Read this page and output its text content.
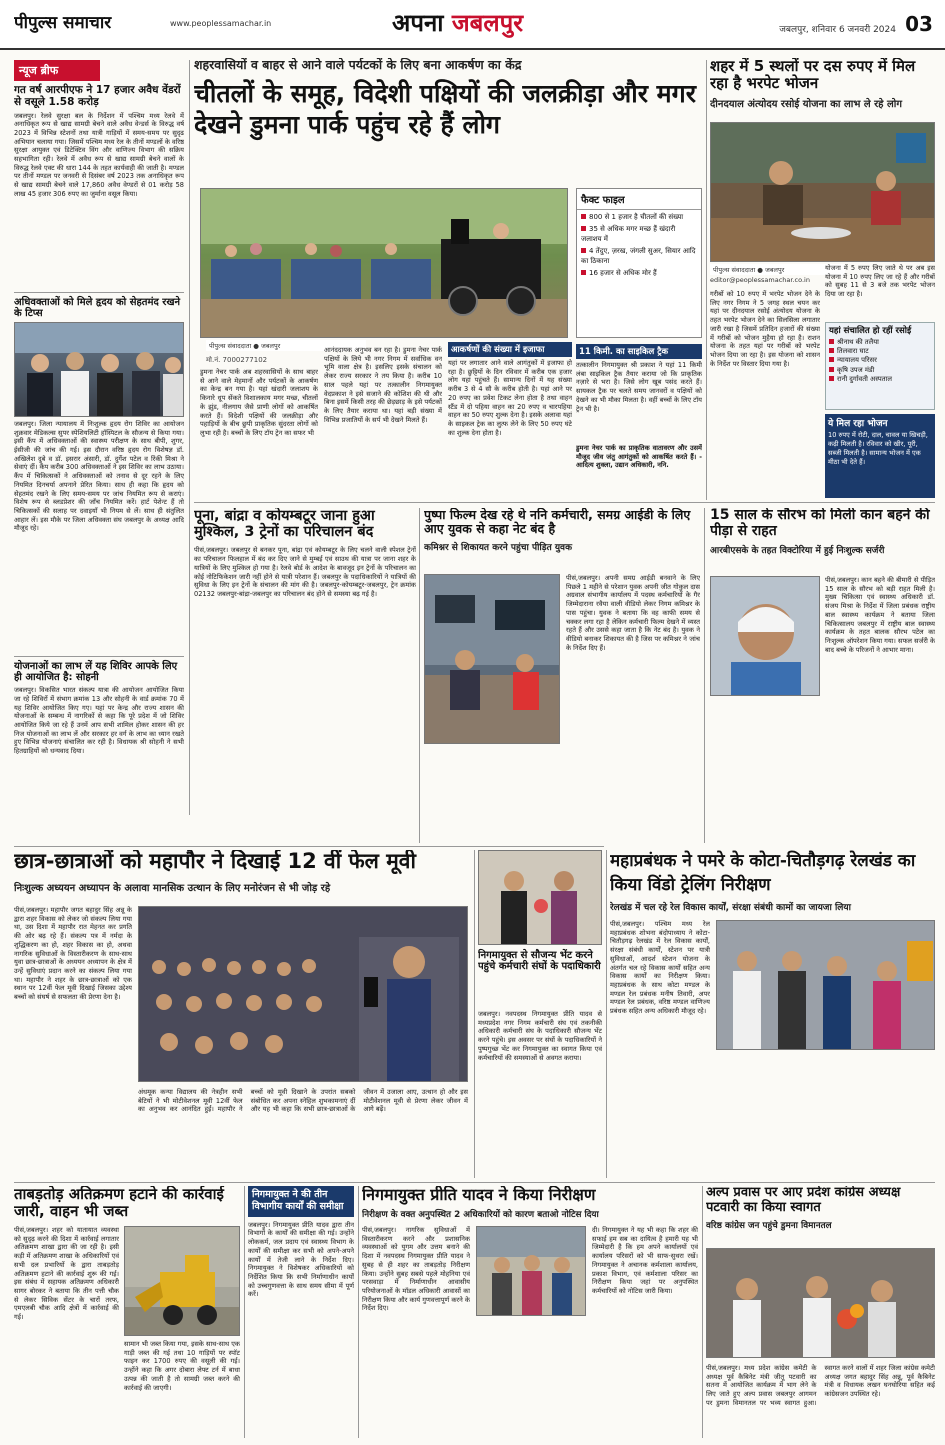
पीपुल्स समाचार	www.peoplessamachar.in	अपना जबलपुर	जबलपुर, शनिवार 6 जनवरी 2024 03
न्यूज ब्रीफ
गत वर्ष आरपीएफ ने 17 हजार अवैध वेंडरों से वसूले 1.58 करोड़
जबलपुर। रेलवे सुरक्षा बल के निर्देशन में पश्चिम मध्य रेलवे में अनाधिकृत रूप से खाद्य सामग्री बेचने वाले अवैध वेन्डर्स के विरुद्ध वर्ष 2023 में विभिन्न स्टेशनों तथा यात्री गाड़ियों में समय-समय पर सुदृढ अभियान चलाया गया। जिसमें पश्चिम मध्य रेल के तीनों मण्डलों के वरिष्ठ सुरक्षा आयुक्त एवं डिटेक्टिव विंग और वाणिज्य विभाग की सक्रिय सहभागिता रही। रेलवे में अवैध रूप से खाद्य सामग्री बेचने वालों के विरुद्ध रेलवे एक्ट की धारा 144 के तहत कार्यवाही की जाती है। मण्डल पर तीनों मण्डल पर जनवरी से दिसंबर वर्ष 2023 तक अनाधिकृत रूप से खाद्य सामग्री बेचने वाले 17,860 अवैध वेण्डरों से 01 करोड़ 58 लाख 45 हजार 306 रुपए का जुर्माना वसूल किया।
अधिवक्ताओं को मिले हृदय को सेहतमंद रखने के टिप्स
जबलपुर। जिला न्यायालय में निःशुल्क हृदय रोग शिविर का आयोजन शुक्रवार मेडिकल्स सुपर स्पेशियलिटी हॉस्पिटल के सौजन्य से किया गया। इसी कैंप में अधिवक्ताओं की स्वास्थ्य परीक्षण के साथ बीपी, शुगर, ईसीजी की जांच की गई। इस दौरान वरिष्ठ हृदय रोग विशेषज्ञ डॉ. अखिलेश दुबे व डॉ. इसरार अंसारी, डॉ. दुर्गेश पटेल व रिंकी मिश्रा ने सेवाएं दीं। कैंप करीब 300 अधिवक्ताओं ने इस शिविर का लाभ उठाया। कैंप में चिकित्सकों ने अधिवक्ताओं को तनाव से दूर रहने के लिए नियमित दिनचर्या अपनाने प्रेरित किया। साथ ही कहा कि हृदय को सेहतमंद रखने के लिए समय-समय पर जांच नियमित रूप से कराएं। विशेष रूप से ब्लडप्रेशर की जाँच नियमित करें। हार्ट पेशेन्ट हैं तो चिकित्सकों की सलाह पर दवाइयाँ भी नियम से लें। साथ ही संतुलित आहार लें। इस मौके पर जिला अधिवक्ता संघ जबलपुर के अध्यक्ष आदि मौजूद रहे।
योजनाओं का लाभ लें यह शिविर आपके लिए ही आयोजित है: सोहनी
जबलपुर। विकसित भारत संकल्प यात्रा की आयोजन आयोजित किया जा रहे शिविरों में संभाग क्रमांक 13 और सोहनी के वार्ड क्रमांक 70 में यह शिविर आयोजित किए गए। यहां पर केन्द्र और राज्य शासन की योजनाओं के सम्बन्ध में नागरिकों से कहा कि पूरे प्रदेश में जो शिविर आयोजित किये जा रहे हैं उनमें आप सभी शामिल होकर शासन की हर निज योजनाओं का लाभ लें और सरकार हर वर्ग के लाभ का ध्यान रखते हुए विभिन्न योजनाएं संचालित कर रही है। विधायक श्री सोहनी ने सभी हितग्राहियों को धन्यवाद दिया।
शहरवासियों व बाहर से आने वाले पर्यटकों के लिए बना आकर्षण का केंद्र
चीतलों के समूह, विदेशी पक्षियों की जलक्रीड़ा और मगर देखने डुमना पार्क पहुंच रहे हैं लोग
पीपुल्स संवाददाता ● जबलपुर
फैक्ट फाइल
800 से 1 हजार है चीतलों की संख्या
35 से अधिक मगर मच्छ हैं खंदारी जलाशय में
4 तेंदुए, ज़रख, जंगली सुअर, सियार आदि का ठिकाना
16 हजार से अधिक मोर हैं
मो.नं. 7000277102
डुमना नेचर पार्क अब शहरवासियों के साथ बाहर से आने वाले मेहमानों और पर्यटकों के आकर्षण का केन्द्र बन गया है। यहां खंदारी जलाशय के किनारे धूप सेंकते विशालकाय मगर मच्छ, चीतलों के झुंड, नीलगाय जैसे प्राणी लोगों को आकर्षित करते हैं। विदेशी पक्षियों की जलक्रीड़ा और पहाड़ियों के बीच छुपी प्राकृतिक सुंदरता लोगों को लुभा रही है। बच्चों के लिए टॉय ट्रेन का सफर भी
आनंददायक अनुभव बन रहा है। डुमना नेचर पार्क पक्षियों के लिये भी नगर निगम में सर्वाधिक वन भूमि वाला क्षेत्र है। इसलिए इसके संचालन को लेकर राज्य सरकार ने तय किया है। करीब 10 साल पहले यहां पर तत्कालीन निगमायुक्त वेदप्रकाश ने इसे सजाने की कोशिश की थी और बिना इसमें किसी तरह की छेड़छाड़ के इसे पर्यटकों के लिए तैयार कराया था। यहां बड़ी संख्या में विभिन्न प्रजातियों के सर्प भी देखने मिलते हैं।
आकर्षणों की संख्या में इजाफा
यहां पर लगातार आने वाले आगंतुकों में इजाफा हो रहा है। छुट्टियों के दिन रविवार में करीब एक हजार लोग यहां पहुंचते हैं। सामान्य दिनों में यह संख्या करीब 3 से 4 सौ के करीब होती है। यहां आने पर 20 रुपए का प्रवेश टिकट लेना होता है तथा वाहन स्टैंड में दो पहिया वाहन का 20 रुपए व चारपहिया वाहन का 50 रुपए शुल्क देना है। इसके अलावा यहां के साइकल ट्रेक का लुत्फ लेने के लिए 50 रुपए घंटे का शुल्क देना होता है।
11 किमी. का साइकिल ट्रैक
तत्कालीन निगमायुक्त श्री प्रकाश ने यहां 11 किमी लंबा साइकिल ट्रैक तैयार कराया जो कि प्राकृतिक नज़ारे से भरा है। जिसे लोग खूब पसंद करते हैं। सायकल ट्रैक पर चलते समय जानवरों व पक्षियों को देखने का भी मौका मिलता है। वहीं बच्चों के लिए टॉय ट्रेन भी है।
डुमना नेचर पार्क का प्राकृतिक वातावरण और उसमें मौजूद जीव जंतु आगंतुकों को आकर्षित करते हैं। - आदित्य शुक्ला, उद्यान अधिकारी, ननि.
शहर में 5 स्थलों पर दस रुपए में मिल रहा है भरपेट भोजन
दीनदयाल अंत्योदय रसोई योजना का लाभ ले रहे लोग
पीपुल्स संवाददाता ● जबलपुर
editor@peoplessamachar.co.in
गरीबों को 10 रुपए में भरपेट भोजन देने के लिए नगर निगम ने 5 जगह स्थल चयन कर यहां पर दीनदयाल रसोई अंत्योदय योजना के तहत भरपेट भोजन देने का सिलसिला लगातार जारी रखा है जिसमें प्रतिदिन हजारों की संख्या में गरीबों को भोजन मुहैया हो रहा है। राशन योजना के तहत यहां पर गरीबों को भरपेट भोजन दिया जा रहा है। इस योजना को शासन के निर्देश पर विस्तार दिया गया है।
योजना में 5 रुपए लिए जाते थे पर अब इस योजना में 10 रुपए लिए जा रहे हैं और गरीबों को सुबह 11 से 3 बजे तक भरपेट भोजन दिया जा रहा है।
यहां संचालित हो रहीं रसोई
श्रीनाथ की तलैया
तिलवारा घाट
न्यायालय परिसर
कृषि उपज मंडी
रानी दुर्गावती अस्पताल
ये मिल रहा भोजन
10 रुपए में रोटी, दाल, चावल या खिचड़ी, कढ़ी मिलती है। रविवार को खीर, पूरी, सब्जी मिलती है। सामान्य भोजन में एक मीठा भी देते हैं।
पूना, बांद्रा व कोयम्बटूर जाना हुआ मुश्किल, 3 ट्रेनों का परिचालन बंद
पीसं,जबलपुर। जबलपुर से बनकर पूना, बांद्रा एवं कोयम्बटूर के लिए चलने वाली स्पेशल ट्रेनों का परिचालन फिलहाल में बंद कर दिए जाने से मुम्बई एवं साउथ की यात्रा पर जाना शहर के यात्रियों के लिए मुश्किल हो गया है। रेलवे बोर्ड के आदेश के बावजूद इन ट्रेनों के परिचालन का कोई नोटिफिकेशन जारी नहीं होने से यात्री परेशान हैं। जबलपुर के पदाधिकारियों ने यात्रियों की सुविधा के लिए इन ट्रेनों के संचालन की मांग की है। जबलपुर-कोयम्बटूर-जबलपुर, ट्रेन क्रमांक 02132 जबलपुर-बांद्रा-जबलपुर का परिचालन बंद होने से समस्या बढ़ गई है।
पुष्पा फिल्म देख रहे थे ननि कर्मचारी, समग्र आईडी के लिए आए युवक से कहा नेट बंद है
कमिश्नर से शिकायत करने पहुंचा पीड़ित युवक
पीसं,जबलपुर। अपनी समग्र आईडी बनवाने के लिए पिछले 1 महीने से परेशान युवक अपनी जीत गोकुल दास अग्रवाल संभागीय कार्यालय में पदस्थ कर्मचारियों के गैर जिम्मेदाराना रवैया वाली वीडियो लेकर निगम कमिश्नर के पास पहुंचा। युवक ने बताया कि वह काफी समय से चक्कर लगा रहा है लेकिन कर्मचारी फिल्म देखने में व्यस्त रहते हैं और उससे कहा जाता है कि नेट बंद है। युवक ने वीडियो बनाकर शिकायत की है जिस पर कमिश्नर ने जांच के निर्देश दिए हैं।
15 साल के सौरभ को मिली कान बहने की पीड़ा से राहत
आरबीएसके के तहत विक्टोरिया में हुई निःशुल्क सर्जरी
पीसं,जबलपुर। कान बहने की बीमारी से पीड़ित 15 साल के सौरभ को बड़ी राहत मिली है। मुख्य चिकित्सा एवं स्वास्थ्य अधिकारी डॉ. संजय मिश्रा के निर्देश में जिला प्रबंधक राष्ट्रीय बाल स्वास्थ्य कार्यक्रम ने बताया जिला चिकित्सालय जबलपुर में राष्ट्रीय बाल स्वास्थ्य कार्यक्रम के तहत बालक सौरभ पटेल का निःशुल्क ऑपरेशन किया गया। सफल सर्जरी के बाद बच्चे के परिजनों ने आभार माना।
छात्र-छात्राओं को महापौर ने दिखाई 12 वीं फेल मूवी
निःशुल्क अध्ययन अध्यापन के अलावा मानसिक उत्थान के लिए मनोरंजन से भी जोड़ रहे
पीसं,जबलपुर। महापौर जगत बहादुर सिंह अन्नू के द्वारा शहर विकास को लेकर जो संकल्प लिया गया था, उस दिशा में महापौर रात मेहनत कर प्रगति की ओर बढ़ रहे हैं। संकल्प पत्र में नर्मदा के शुद्धिकरण का हो, शहर विकास का हो, अथवा नागरिक सुविधाओं के विस्तारीकरण के साथ-साथ युवा छात्र-छात्राओं के अध्ययन अध्यापन के क्षेत्र में उन्हें सुविधाएं प्रदान करने का संकल्प लिया गया था। महापौर ने शहर के छात्र-छात्राओं को एक स्थान पर 12वीं फेल मूवी दिखाई जिसका उद्देश्य बच्चों को संघर्ष से सफलता की प्रेरणा देना है।
अंधमूक कन्या विद्यालय की नेत्रहीन सभी बेटियों ने भी मोटीवेशनल मूवी 12वीं फेल का अनुभव कर आनंदित हुईं। महापौर ने बच्चों को मूवी दिखाने के उपरांत सबको संबोधित कर अपना स्नेहिल शुभकामनाएं दीं और यह भी कहा कि सभी छात्र-छात्राओं के जीवन में उजाला आए, उत्थान हो और इस मोटीवेशनल मूवी से प्रेरणा लेकर जीवन में आगे बढ़ें।
निगमायुक्त से सौजन्य भेंट करने पहुंचे कर्मचारी संघों के पदाधिकारी
जबलपुर। नवपदस्थ निगमायुक्त प्रीति यादव से मध्यप्रदेश नगर निगम कर्मचारी संघ एवं तकनीकी अधिकारी कर्मचारी संघ के पदाधिकारी सौजन्य भेंट करने पहुंचे। इस अवसर पर संघों के पदाधिकारियों ने पुष्पगुच्छ भेंट कर निगमायुक्त का स्वागत किया एवं कर्मचारियों की समस्याओं से अवगत कराया।
महाप्रबंधक ने पमरे के कोटा-चितौड़गढ़ रेलखंड का किया विंडो ट्रेलिंग निरीक्षण
रेलखंड में चल रहे रेल विकास कार्यों, संरक्षा संबंधी कामों का जायजा लिया
पीसं,जबलपुर। पश्चिम मध्य रेल महाप्रबंधक शोभना बंदोपाध्याय ने कोटा-चितौड़गढ़ रेलखंड में रेल विकास कार्यों, संरक्षा संबंधी कार्यों, स्टेशन पर यात्री सुविधाओं, आदर्श स्टेशन योजना के अंतर्गत चल रहे विकास कार्यों सहित अन्य विकास कार्यों का निरीक्षण किया। महाप्रबंधक के साथ कोटा मण्डल के मण्डल रेल प्रबंधक मनीष तिवारी, अपर मण्डल रेल प्रबंधक, वरिष्ठ मण्डल वाणिज्य प्रबंधक सहित अन्य अधिकारी मौजूद रहे।
ताबड़तोड़ अतिक्रमण हटाने की कार्रवाई जारी, वाहन भी जब्त
पीसं,जबलपुर। शहर को यातायात व्यवस्था को सुदृढ़ करने की दिशा में कार्रवाई लगातार अतिक्रमण शाखा द्वारा की जा रही है। इसी कड़ी में अतिक्रमण शाखा के अधिकारियों एवं सभी दल प्रभारियों के द्वारा ताबड़तोड़ अतिक्रमण हटाने की कार्रवाई शुरू की गई। इस संबंध में सहायक अतिक्रमण अधिकारी सागर बोरकर ने बताया कि तीन पत्ती चौक से लेकर सिविक सेंटर के चारों तरफ, एमएलबी चौक आदि क्षेत्रों में कार्रवाई की गई।
सामान भी जब्त किया गया, इसके साथ-साथ एक गाड़ी जब्त की गई तथा 10 गाड़ियों पर स्पॉट फाइन कर 1700 रुपए की वसूली की गई। उन्होंने कहा कि अगर दोबारा लेफ्ट टर्न में बाधा उत्पन्न की जाती है तो सामग्री जब्त करने की कार्रवाई की जाएगी।
निगमायुक्त ने की तीन विभागीय कार्यों की समीक्षा
जबलपुर। निगमायुक्त प्रीति यादव द्वारा तीन विभागों के कार्यों की समीक्षा की गई। उन्होंने लोककर्म, जल प्रदाय एवं स्वास्थ्य विभाग के कार्यों की समीक्षा कर सभी को अपने-अपने कार्यों में तेजी लाने के निर्देश दिए। निगमायुक्त ने विशेषकर अधिकारियों को निर्देशित किया कि सभी निर्माणाधीन कार्यों को उच्चगुणवत्ता के साथ समय सीमा में पूर्ण करें।
निगमायुक्त प्रीति यादव ने किया निरीक्षण
निरीक्षण के वक्त अनुपस्थित 2 अधिकारियों को कारण बताओ नोटिस दिया
पीसं,जबलपुर। नागरिक सुविधाओं में विस्तारीकरण करने और प्रशासनिक व्यवस्थाओं को युगम और उत्तम बनाने की दिशा में नवपदस्थ निगमायुक्त प्रीति यादव ने सुबह से ही शहर का ताबड़तोड़ निरीक्षण किया। उन्होंने सुबह सबसे पहले मोहनिया एवं परसवाड़ा में निर्माणाधीन आवासीय परियोजनाओं के मॉडल अधिकारी आवासों का निरीक्षण किया और कार्य गुणवत्तापूर्ण करने के निर्देश दिए।
दी। निगमायुक्त ने यह भी कहा कि शहर की सफाई हम सब का दायित्व है हमारी यह भी जिम्मेदारी है कि हम अपने कार्यालयों एवं कार्यालय परिसरों को भी साफ-सुथरा रखें। निगमायुक्त ने अचानक कर्मशाला कार्यालय, प्रकाश विभाग, एवं कर्मशाला परिसर का निरीक्षण किया जहां पर अनुपस्थित कर्मचारियों को नोटिस जारी किया।
अल्प प्रवास पर आए प्रदेश कांग्रेस अध्यक्ष पटवारी का किया स्वागत
वरिष्ठ कांग्रेस जन पहुंचे डुमना विमानतल
पीसं,जबलपुर। मध्य प्रदेश कांग्रेस कमेटी के अध्यक्ष पूर्व कैबिनेट मंत्री जीतू पटवारी का सतना में आयोजित कार्यक्रम में भाग लेने के लिए जाते हुए अल्प प्रवास जबलपुर आगमन पर डुमना विमानतल पर भव्य स्वागत हुआ। स्वागत करने वालों में शहर जिला कांग्रेस कमेटी अध्यक्ष जगत बहादुर सिंह अन्नू, पूर्व कैबिनेट मंत्री व विधायक लखन घनघोरिया सहित कई कांग्रेसजन उपस्थित रहे।
